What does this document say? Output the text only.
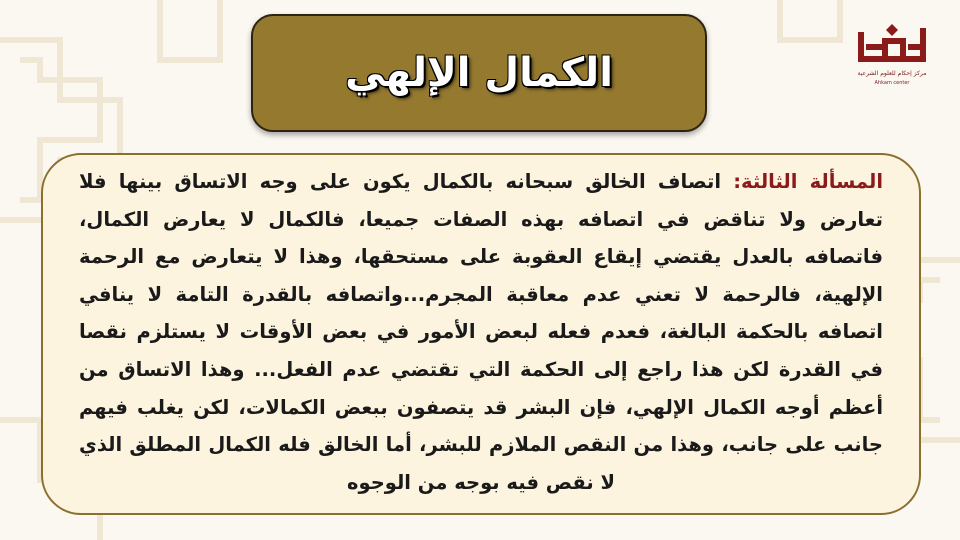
الكمال الإلهي	مركز إحكام للعلوم الشرعية
Ahkam center

المسألة الثالثة: اتصاف الخالق سبحانه بالكمال يكون على وجه الاتساق بينها فلا تعارض ولا تناقض في اتصافه بهذه الصفات جميعا، فالكمال لا يعارض الكمال، فاتصافه بالعدل يقتضي إيقاع العقوبة على مستحقها، وهذا لا يتعارض مع الرحمة الإلهية، فالرحمة لا تعني عدم معاقبة المجرم...واتصافه بالقدرة التامة لا ينافي اتصافه بالحكمة البالغة، فعدم فعله لبعض الأمور في بعض الأوقات لا يستلزم نقصا في القدرة لكن هذا راجع إلى الحكمة التي تقتضي عدم الفعل... وهذا الاتساق من أعظم أوجه الكمال الإلهي، فإن البشر قد يتصفون ببعض الكمالات، لكن يغلب فيهم جانب على جانب، وهذا من النقص الملازم للبشر، أما الخالق فله الكمال المطلق الذي لا نقص فيه بوجه من الوجوه
